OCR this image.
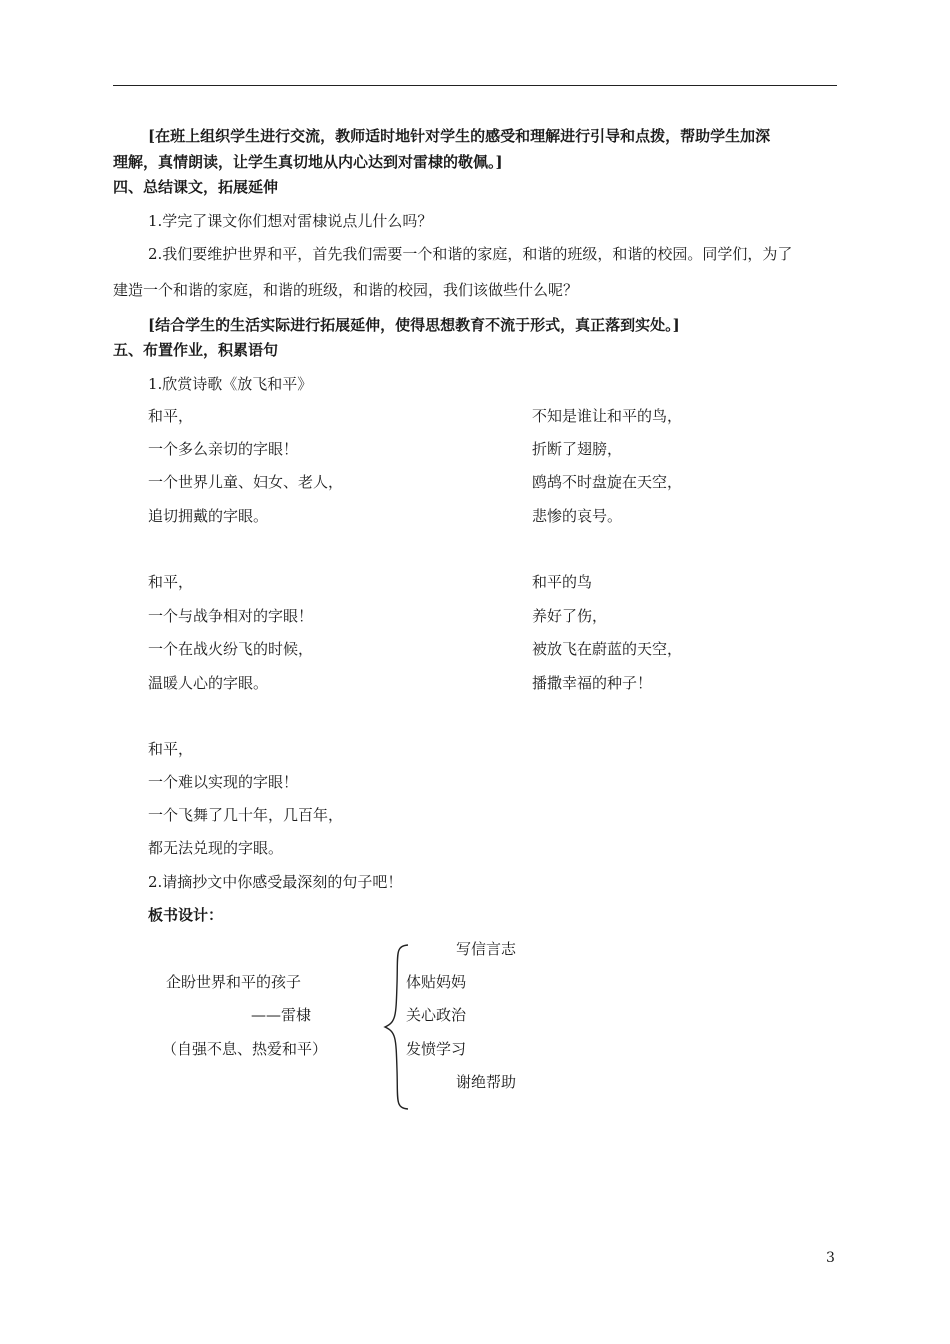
[在班上组织学生进行交流，教师适时地针对学生的感受和理解进行引导和点拨，帮助学生加深
理解，真情朗读，让学生真切地从内心达到对雷棣的敬佩。]
四、总结课文，拓展延伸
1.学完了课文你们想对雷棣说点儿什么吗？
2.我们要维护世界和平，首先我们需要一个和谐的家庭，和谐的班级，和谐的校园。同学们，为了
建造一个和谐的家庭，和谐的班级，和谐的校园，我们该做些什么呢？
[结合学生的生活实际进行拓展延伸，使得思想教育不流于形式，真正落到实处。]
五、布置作业，积累语句
1.欣赏诗歌《放飞和平》
和平，
一个多么亲切的字眼！
一个世界儿童、妇女、老人，
追切拥戴的字眼。
和平，
一个与战争相对的字眼！
一个在战火纷飞的时候，
温暖人心的字眼。
和平，
一个难以实现的字眼！
一个飞舞了几十年，几百年，
都无法兑现的字眼。
不知是谁让和平的鸟，
折断了翅膀，
鸥鸪不时盘旋在天空，
悲惨的哀号。
和平的鸟
养好了伤，
被放飞在蔚蓝的天空，
播撒幸福的种子！
2.请摘抄文中你感受最深刻的句子吧！
板书设计：
企盼世界和平的孩子
——雷棣
（自强不息、热爱和平）
写信言志
体贴妈妈
关心政治
发愤学习
谢绝帮助
3
